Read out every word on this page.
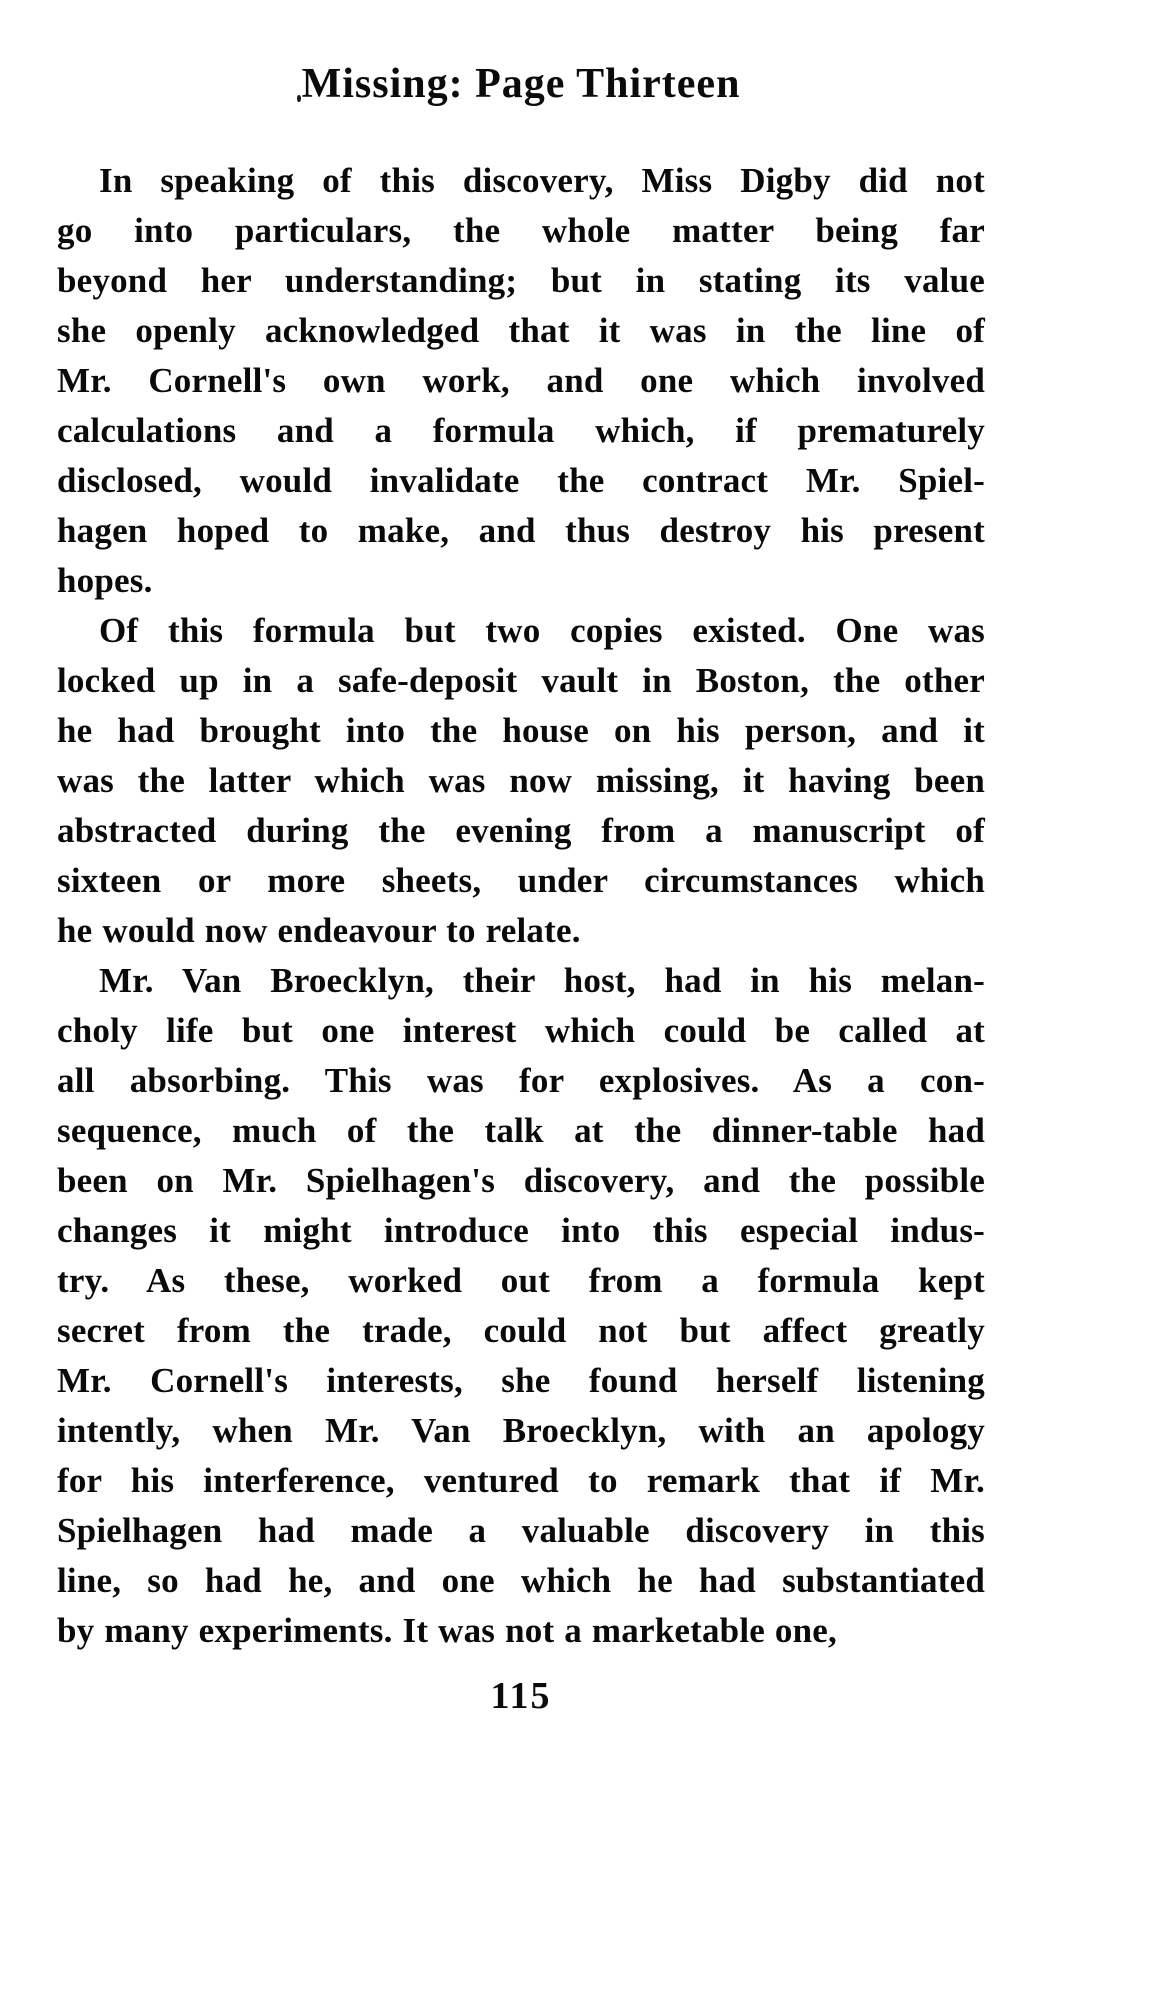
Missing: Page Thirteen
In speaking of this discovery, Miss Digby did not
go into particulars, the whole matter being far
beyond her understanding; but in stating its value
she openly acknowledged that it was in the line of
Mr. Cornell's own work, and one which involved
calculations and a formula which, if prematurely
disclosed, would invalidate the contract Mr. Spiel-
hagen hoped to make, and thus destroy his present
hopes.
Of this formula but two copies existed. One was
locked up in a safe-deposit vault in Boston, the other
he had brought into the house on his person, and it
was the latter which was now missing, it having been
abstracted during the evening from a manuscript of
sixteen or more sheets, under circumstances which
he would now endeavour to relate.
Mr. Van Broecklyn, their host, had in his melan-
choly life but one interest which could be called at
all absorbing. This was for explosives. As a con-
sequence, much of the talk at the dinner-table had
been on Mr. Spielhagen's discovery, and the possible
changes it might introduce into this especial indus-
try. As these, worked out from a formula kept
secret from the trade, could not but affect greatly
Mr. Cornell's interests, she found herself listening
intently, when Mr. Van Broecklyn, with an apology
for his interference, ventured to remark that if Mr.
Spielhagen had made a valuable discovery in this
line, so had he, and one which he had substantiated
by many experiments. It was not a marketable one,
115
